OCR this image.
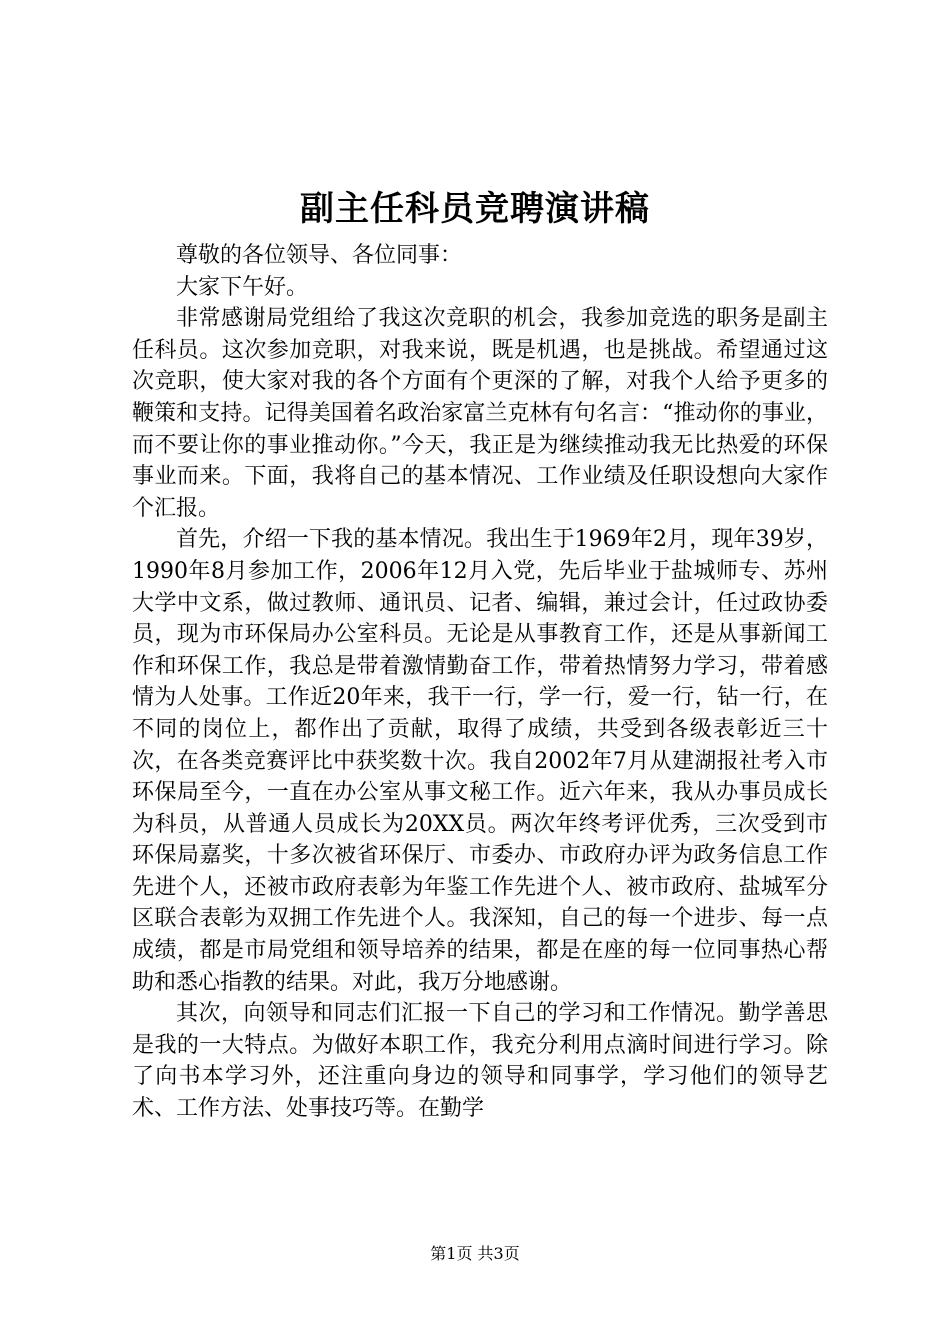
副主任科员竞聘演讲稿

尊敬的各位领导、各位同事：

大家下午好。

非常感谢局党组给了我这次竞职的机会，我参加竞选的职务是副主任科员。这次参加竞职，对我来说，既是机遇，也是挑战。希望通过这次竞职，使大家对我的各个方面有个更深的了解，对我个人给予更多的鞭策和支持。记得美国着名政治家富兰克林有句名言：“推动你的事业，而不要让你的事业推动你。”今天，我正是为继续推动我无比热爱的环保事业而来。下面，我将自己的基本情况、工作业绩及任职设想向大家作个汇报。

首先，介绍一下我的基本情况。我出生于1969年2月，现年39岁，1990年8月参加工作，2006年12月入党，先后毕业于盐城师专、苏州大学中文系，做过教师、通讯员、记者、编辑，兼过会计，任过政协委员，现为市环保局办公室科员。无论是从事教育工作，还是从事新闻工作和环保工作，我总是带着激情勤奋工作，带着热情努力学习，带着感情为人处事。工作近20年来，我干一行，学一行，爱一行，钻一行，在不同的岗位上，都作出了贡献，取得了成绩，共受到各级表彰近三十次，在各类竞赛评比中获奖数十次。我自2002年7月从建湖报社考入市环保局至今，一直在办公室从事文秘工作。近六年来，我从办事员成长为科员，从普通人员成长为20XX员。两次年终考评优秀，三次受到市环保局嘉奖，十多次被省环保厅、市委办、市政府办评为政务信息工作先进个人，还被市政府表彰为年鉴工作先进个人、被市政府、盐城军分区联合表彰为双拥工作先进个人。我深知，自己的每一个进步、每一点成绩，都是市局党组和领导培养的结果，都是在座的每一位同事热心帮助和悉心指教的结果。对此，我万分地感谢。

其次，向领导和同志们汇报一下自己的学习和工作情况。勤学善思是我的一大特点。为做好本职工作，我充分利用点滴时间进行学习。除了向书本学习外，还注重向身边的领导和同事学，学习他们的领导艺术、工作方法、处事技巧等。在勤学

第1页 共3页
